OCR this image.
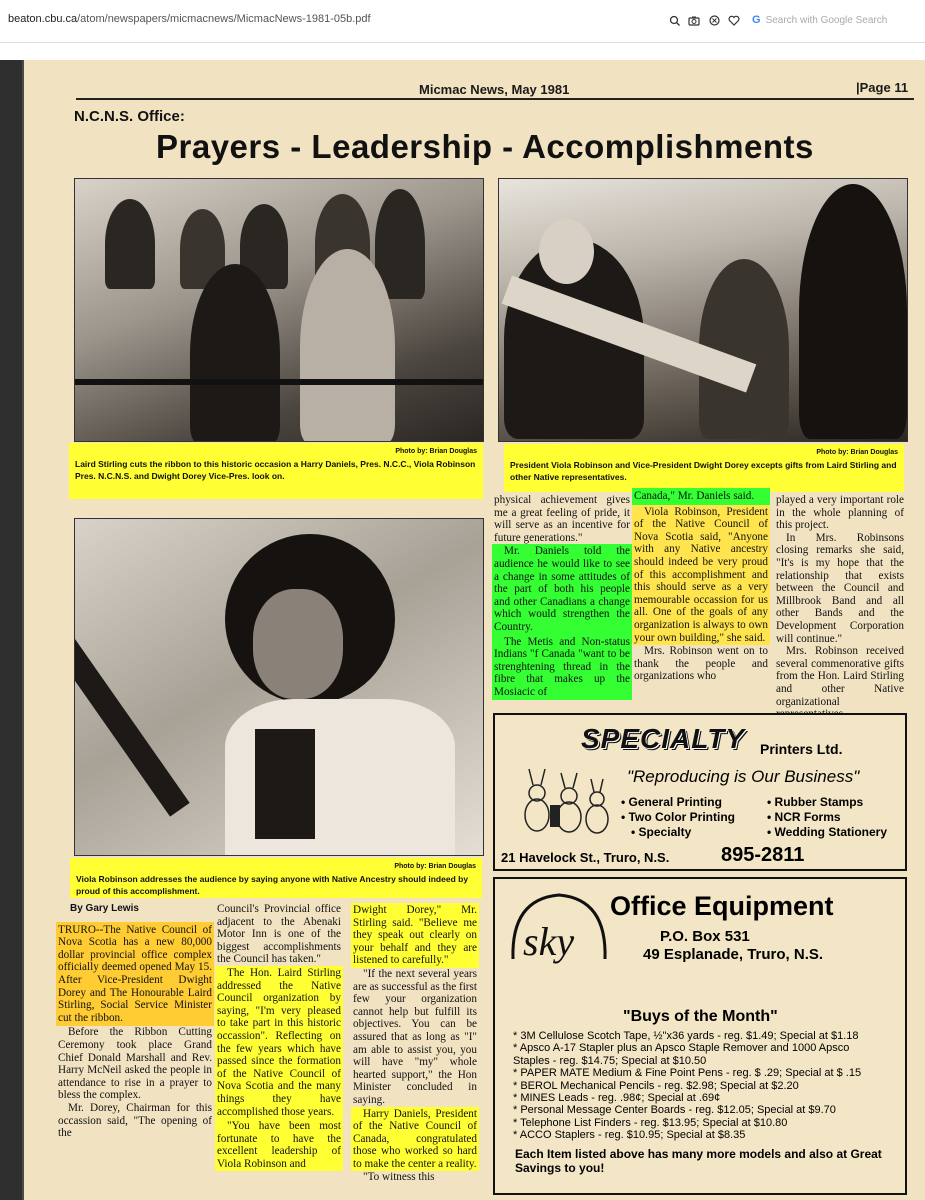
beaton.cbu.ca/atom/newspapers/micmacnews/MicmacNews-1981-05b.pdf	G Search with Google Search
Micmac News, May 1981	|Page 11
N.C.N.S. Office:
Prayers - Leadership - Accomplishments
Photo by: Brian Douglas
Laird Stirling cuts the ribbon to this historic occasion a Harry Daniels, Pres. N.C.C., Viola Robinson Pres. N.C.N.S. and Dwight Dorey Vice-Pres. look on.
Photo by: Brian Douglas
President Viola Robinson and Vice-President Dwight Dorey excepts gifts from Laird Stirling and other Native representatives.
Photo by: Brian Douglas
Viola Robinson addresses the audience by saying anyone with Native Ancestry should indeed by proud of this accomplishment.

By Gary Lewis

TRURO--The Native Council of Nova Scotia has a new 80,000 dollar provincial office complex officially deemed opened May 15. After Vice-President Dwight Dorey and The Honourable Laird Stirling, Social Service Minister cut the ribbon.

Before the Ribbon Cutting Ceremony took place Grand Chief Donald Marshall and Rev. Harry McNeil asked the people in attendance to rise in a prayer to bless the complex.

Mr. Dorey, Chairman for this occassion said, "The opening of the

Council's Provincial office adjacent to the Abenaki Motor Inn is one of the biggest accomplishments the Council has taken."

The Hon. Laird Stirling addressed the Native Council organization by saying, "I'm very pleased to take part in this historic occassion". Reflecting on the few years which have passed since the formation of the Native Council of Nova Scotia and the many things they have accomplished those years.

"You have been most fortunate to have the excellent leadership of Viola Robinson and

Dwight Dorey," Mr. Stirling said. "Believe me they speak out clearly on your behalf and they are listened to carefully."

"If the next several years are as successful as the first few your organization cannot help but fulfill its objectives. You can be assured that as long as "I" am able to assist you, you will have "my" whole hearted support," the Hon Minister concluded in saying.

Harry Daniels, President of the Native Council of Canada, congratulated those who worked so hard to make the center a reality.

"To witness this

physical achievement gives me a great feeling of pride, it will serve as an incentive for future generations."

Mr. Daniels told the audience he would like to see a change in some attitudes of the part of both his people and other Canadians a change which would strengthen the Country.

The Metis and Non-status Indians "f Canada "want to be strenghtening thread in the fibre that makes up the Mosiacic of

Canada," Mr. Daniels said.

Viola Robinson, President of the Native Council of Nova Scotia said, "Anyone with any Native ancestry should indeed be very proud of this accomplishment and this should serve as a very memourable occassion for us all. One of the goals of any organization is always to own your own building," she said.

Mrs. Robinson went on to thank the people and organizations who

played a very important role in the whole planning of this project.

In Mrs. Robinsons closing remarks she said, "It's is my hope that the relationship that exists between the Council and Millbrook Band and all other Bands and the Development Corporation will continue."

Mrs. Robinson received several commenorative gifts from the Hon. Laird Stirling and other Native organizational

SPECIALTY Printers Ltd.
"Reproducing is Our Business"
• General Printing
• Two Color Printing
• Specialty
• Rubber Stamps
• NCR Forms
• Wedding Stationery
21 Havelock St., Truro, N.S.	895-2811
sky
Office Equipment
P.O. Box 531
49 Esplanade, Truro, N.S.
"Buys of the Month"
* 3M Cellulose Scotch Tape, ½"x36 yards - reg. $1.49; Special at $1.18
* Apsco A-17 Stapler plus an Apsco Staple Remover and 1000 Apsco
Staples - reg. $14.75; Special at $10.50
* PAPER MATE Medium & Fine Point Pens - reg. $ .29; Special at $ .15
* BEROL Mechanical Pencils - reg. $2.98; Special at $2.20
* MINES Leads - reg. .98¢; Special at .69¢
* Personal Message Center Boards - reg. $12.05; Special at $9.70
* Telephone List Finders - reg. $13.95; Special at $10.80
* ACCO Staplers - reg. $10.95; Special at $8.35
Each Item listed above has many more models and also at Great Savings to you!
